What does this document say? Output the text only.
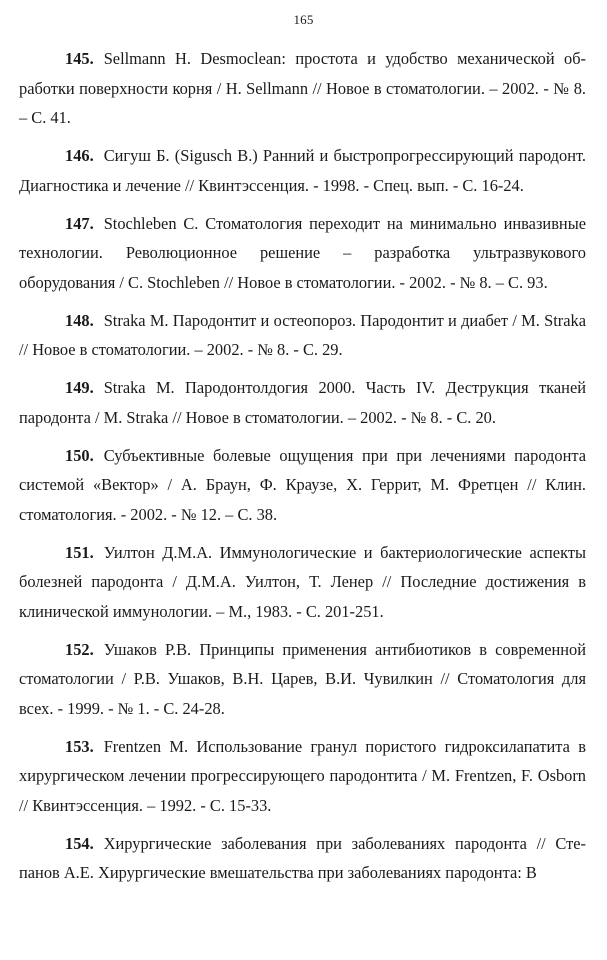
165

145. Sellmann H. Desmoclean: простота и удобство механической об-работки поверхности корня / H. Sellmann // Новое в стоматологии. – 2002. - № 8. – С. 41.

146. Сигуш Б. (Sigusch B.) Ранний и быстропрогрессирующий пародонт. Диагностика и лечение // Квинтэссенция. - 1998. - Спец. вып. - С. 16-24.

147. Stochleben C. Стоматология переходит на минимально инвазивные технологии. Революционное решение – разработка ультразвукового оборудования / C. Stochleben // Новое в стоматологии. - 2002. - № 8. – С. 93.

148. Straka M. Пародонтит и остеопороз. Пародонтит и диабет / M. Straka // Новое в стоматологии. – 2002. - № 8. - С. 29.

149. Straka M. Пародонтолдогия 2000. Часть IV. Деструкция тканей пародонта / M. Straka // Новое в стоматологии. – 2002. - № 8. - С. 20.

150. Субъективные болевые ощущения при при лечениями пародонта системой «Вектор» / А. Браун, Ф. Краузе, Х. Геррит, М. Фретцен // Клин. стоматология. - 2002. - № 12. – С. 38.

151. Уилтон Д.М.А. Иммунологические и бактериологические аспекты болезней пародонта / Д.М.А. Уилтон, Т. Ленер // Последние достижения в клинической иммунологии. – М., 1983. - С. 201-251.

152. Ушаков Р.В. Принципы применения антибиотиков в современной стоматологии / Р.В. Ушаков, В.Н. Царев, В.И. Чувилкин // Стоматология для всех. - 1999. - № 1. - С. 24-28.

153. Frentzen M. Использование гранул пористого гидроксилапатита в хирургическом лечении прогрессирующего пародонтита / M. Frentzen, F. Osborn // Квинтэссенция. – 1992. - С. 15-33.

154. Хирургические заболевания при заболеваниях пародонта // Сте-панов А.Е. Хирургические вмешательства при заболеваниях пародонта: В
